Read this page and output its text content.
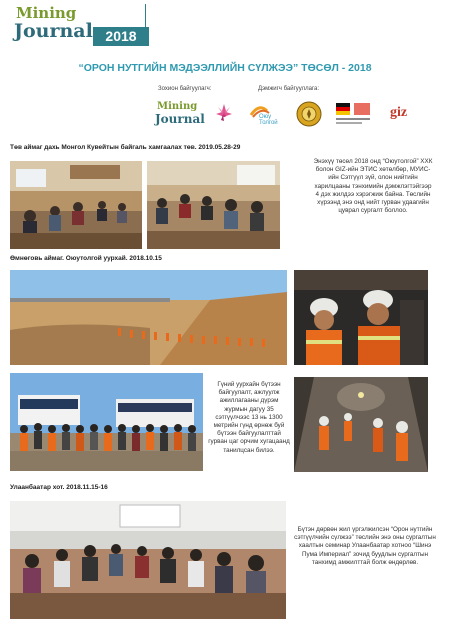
Mining
Journal 2018
“ОРОН НУТГИЙН МЭДЭЭЛЛИЙН СҮЛЖЭЭ” ТӨСӨЛ - 2018
Зохион байгуулагч:	Дэмжигч байгууллага:
Mining
Journal	Оюу Толгой
giz
Төв аймаг дахь Монгол Кувейтын байгаль хамгаалах төв. 2019.05.28-29
Энэхүү төсөл 2018 онд “Оюутолгой” ХХК болон GIZ-ийн ЭТИС хөтөлбөр, МУИС-ийн Сэтгүүл зүй, олон нийтийн харилцааны тэнхимийн дэмжлэгтэйгээр 4 дэх жилдээ хэрэгжиж байна. Төслийн хүрээнд энэ онд нийт гурван удаагийн цуврал сургалт боллоо.
Өмнөговь аймаг. Оюутолгой уурхай. 2018.10.15
Гүний уурхайн бүтээн байгуулалт, ажлуулж ажиллагааны дүрэм журмын дагуу 35 сэтгүүлчээс 13 нь 1300 метрийн гүнд өрнөж буй бүтээн байгуулалттай гурван цаг орчим хугацаанд танилцсан билээ.
Улаанбаатар хот. 2018.11.15-16
Бүтэн дөрвөн жил үргэлжилсэн “Орон нутгийн сэтгүүлчийн сүлжээ” төслийн энэ оны сургалтын хаалтын семинар Улаанбаатар хотноо “Шинэ Пума Империал” зочид буудлын сургалтын танхимд амжилттай болж өндөрлөв.
